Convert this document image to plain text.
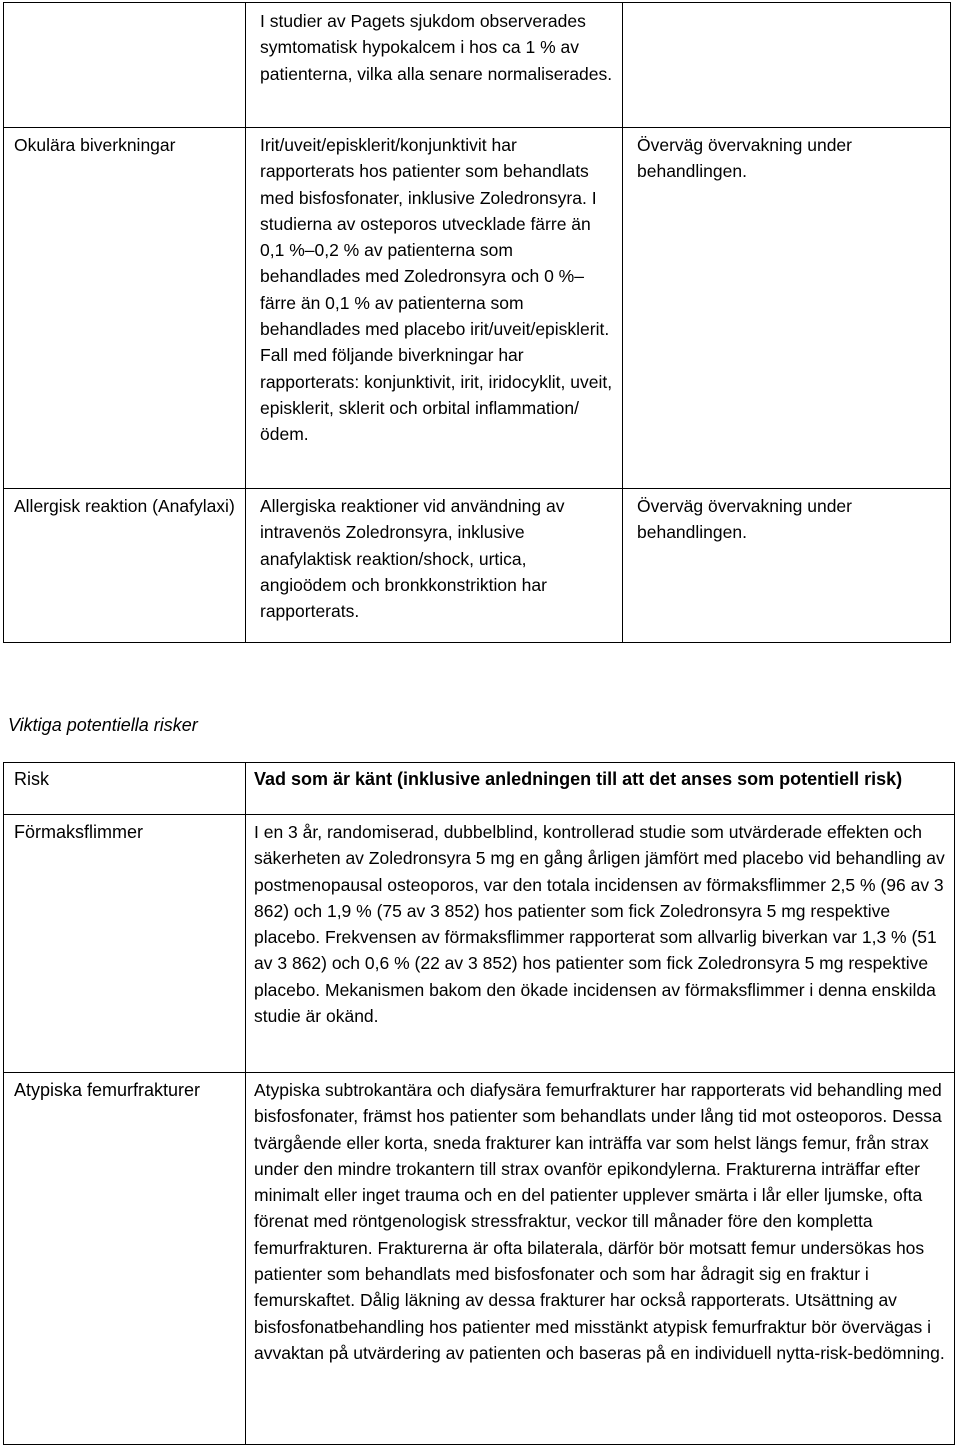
	I studier av Pagets sjukdom observerades symtomatisk hypokalcem i hos ca 1 % av patienterna, vilka alla senare normaliserades.	
Okulära biverkningar	Irit/uveit/episklerit/konjunktivit har rapporterats hos patienter som behandlats med bisfosfonater, inklusive Zoledronsyra. I studierna av osteporos utvecklade färre än 0,1 %–0,2 % av patienterna som behandlades med Zoledronsyra och 0 %–färre än 0,1 % av patienterna som behandlades med placebo irit/uveit/episklerit. Fall med följande biverkningar har rapporterats: konjunktivit, irit, iridocyklit, uveit, episklerit, sklerit och orbital inflammation/ödem.	Överväg övervakning under behandlingen.
Allergisk reaktion (Anafylaxi)	Allergiska reaktioner vid användning av intravenös Zoledronsyra, inklusive anafylaktisk reaktion/shock, urtica, angioödem och bronkkonstriktion har rapporterats.	Överväg övervakning under behandlingen.
Viktiga potentiella risker
Risk	Vad som är känt (inklusive anledningen till att det anses som potentiell risk)
Förmaksflimmer	I en 3 år, randomiserad, dubbelblind, kontrollerad studie som utvärderade effekten och säkerheten av Zoledronsyra 5 mg en gång årligen jämfört med placebo vid behandling av postmenopausal osteoporos, var den totala incidensen av förmaksflimmer 2,5 % (96 av 3 862) och 1,9 % (75 av 3 852) hos patienter som fick Zoledronsyra 5 mg respektive placebo. Frekvensen av förmaksflimmer rapporterat som allvarlig biverkan var 1,3 % (51 av 3 862) och 0,6 % (22 av 3 852) hos patienter som fick Zoledronsyra 5 mg respektive placebo. Mekanismen bakom den ökade incidensen av förmaksflimmer i denna enskilda studie är okänd.
Atypiska femurfrakturer	Atypiska subtrokantära och diafysära femurfrakturer har rapporterats vid behandling med bisfosfonater, främst hos patienter som behandlats under lång tid mot osteoporos. Dessa tvärgående eller korta, sneda frakturer kan inträffa var som helst längs femur, från strax under den mindre trokantern till strax ovanför epikondylerna. Frakturerna inträffar efter minimalt eller inget trauma och en del patienter upplever smärta i lår eller ljumske, ofta förenat med röntgenologisk stressfraktur, veckor till månader före den kompletta femurfrakturen. Frakturerna är ofta bilaterala, därför bör motsatt femur undersökas hos patienter som behandlats med bisfosfonater och som har ådragit sig en fraktur i femurskaftet. Dålig läkning av dessa frakturer har också rapporterats. Utsättning av bisfosfonatbehandling hos patienter med misstänkt atypisk femurfraktur bör övervägas i avvaktan på utvärdering av patienten och baseras på en individuell nytta-risk-bedömning.
